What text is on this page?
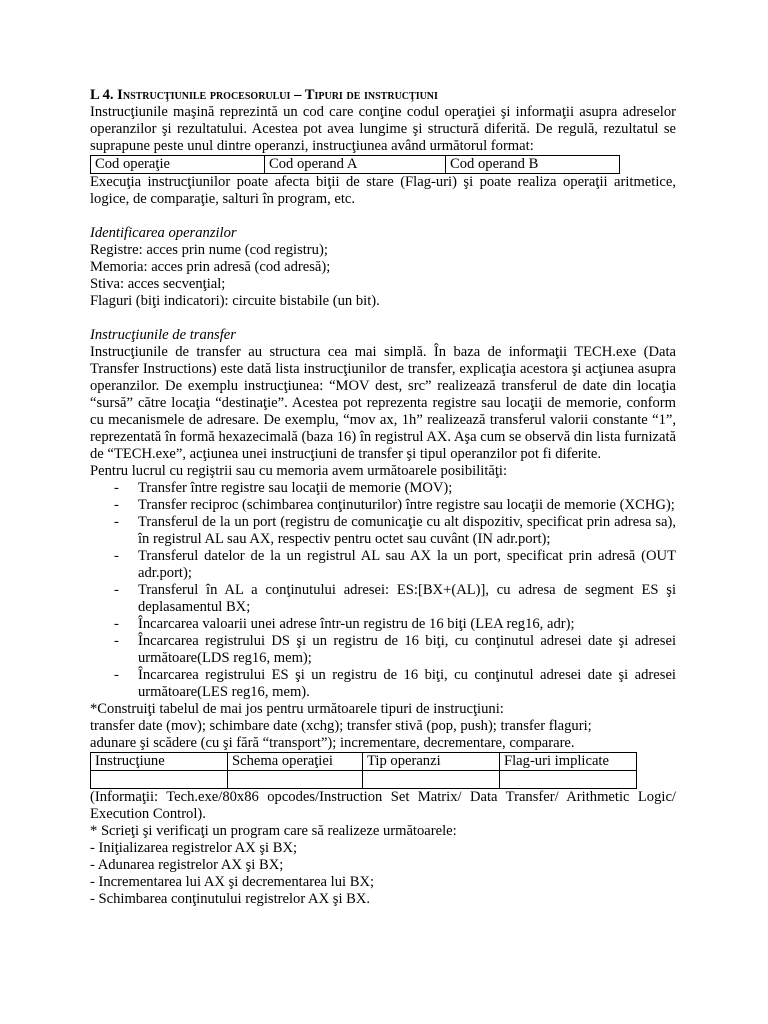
L 4. Instrucţiunile procesorului – Tipuri de instrucţiuni

Instrucţiunile maşină reprezintă un cod care conţine codul operaţiei şi informaţii asupra adreselor operanzilor şi rezultatului. Acestea pot avea lungime şi structură diferită. De regulă, rezultatul se suprapune peste unul dintre operanzi, instrucţiunea având următorul format:

Cod operaţie	Cod operand A	Cod operand B

Execuţia instrucţiunilor poate afecta biţii de stare (Flag-uri) şi poate realiza operaţii aritmetice, logice, de comparaţie, salturi în program, etc.

Identificarea operanzilor
Registre: acces prin nume (cod registru);
Memoria: acces prin adresă (cod adresă);
Stiva: acces secvenţial;
Flaguri (biţi indicatori): circuite bistabile (un bit).
Instrucţiunile de transfer

Instrucţiunile de transfer au structura cea mai simplă. În baza de informaţii TECH.exe (Data Transfer Instructions) este dată lista instrucţiunilor de transfer, explicaţia acestora şi acţiunea asupra operanzilor. De exemplu instrucţiunea: “MOV dest, src” realizează transferul de date din locaţia “sursă” către locaţia “destinaţie”. Acestea pot reprezenta registre sau locaţii de memorie, conform cu mecanismele de adresare. De exemplu, “mov ax, 1h” realizează transferul valorii constante “1”, reprezentată în formă hexazecimală (baza 16) în registrul AX. Aşa cum se observă din lista furnizată de “TECH.exe”, acţiunea unei instrucţiuni de transfer şi tipul operanzilor pot fi diferite.

Pentru lucrul cu regiştrii sau cu memoria avem următoarele posibilităţi:
- Transfer între registre sau locaţii de memorie (MOV);
- Transfer reciproc (schimbarea conţinuturilor) între registre sau locaţii de memorie (XCHG);
- Transferul de la un port (registru de comunicaţie cu alt dispozitiv, specificat prin adresa sa), în registrul AL sau AX, respectiv pentru octet sau cuvânt (IN adr.port);
- Transferul datelor de la un registrul AL sau AX la un port, specificat prin adresă (OUT adr.port);
- Transferul în AL a conţinutului adresei: ES:[BX+(AL)], cu adresa de segment ES şi deplasamentul BX;
- Încarcarea valoarii unei adrese într-un registru de 16 biţi (LEA reg16, adr);
- Încarcarea registrului DS şi un registru de 16 biţi, cu conţinutul adresei date şi adresei următoare(LDS reg16, mem);
- Încarcarea registrului ES şi un registru de 16 biţi, cu conţinutul adresei date şi adresei următoare(LES reg16, mem).
*Construiţi tabelul de mai jos pentru următoarele tipuri de instrucţiuni:
transfer date (mov); schimbare date (xchg); transfer stivă (pop, push); transfer flaguri;
adunare şi scădere (cu şi fără “transport”); incrementare, decrementare, comparare.
Instrucţiune	Schema operaţiei	Tip operanzi	Flag-uri implicate

(Informaţii: Tech.exe/80x86 opcodes/Instruction Set Matrix/ Data Transfer/ Arithmetic Logic/ Execution Control).

* Scrieţi şi verificaţi un program care să realizeze următoarele:
- Iniţializarea registrelor AX şi BX;
- Adunarea registrelor AX şi BX;
- Incrementarea lui AX şi decrementarea lui BX;
- Schimbarea conţinutului registrelor AX şi BX.
